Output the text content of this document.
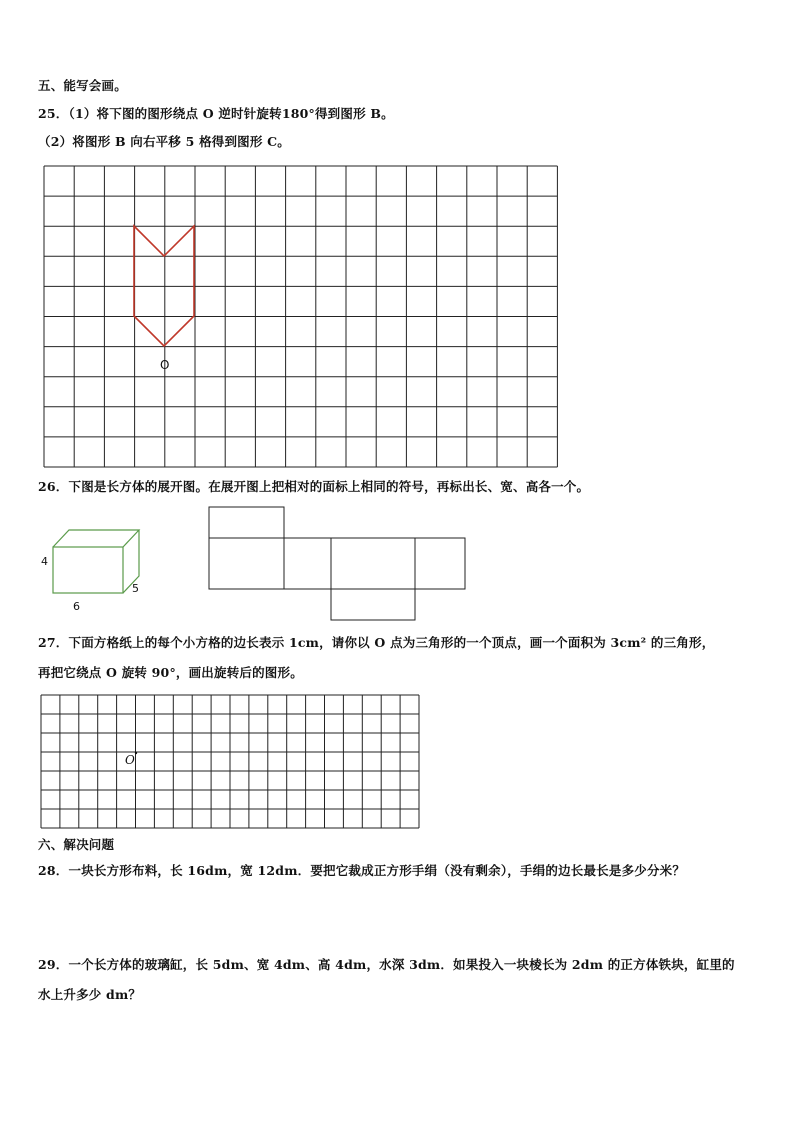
五、能写会画。
25．（1）将下图的图形绕点 O 逆时针旋转180°得到图形 B。
（2）将图形 B 向右平移 5 格得到图形 C。
O
26．下图是长方体的展开图。在展开图上把相对的面标上相同的符号，再标出长、宽、高各一个。
4
5
6
27．下面方格纸上的每个小方格的边长表示 1cm，请你以 O 点为三角形的一个顶点，画一个面积为 3cm² 的三角形，
再把它绕点 O 旋转 90°，画出旋转后的图形。
O
六、解决问题
28．一块长方形布料，长 16dm，宽 12dm．要把它裁成正方形手绢（没有剩余），手绢的边长最长是多少分米？
29．一个长方体的玻璃缸，长 5dm、宽 4dm、高 4dm，水深 3dm．如果投入一块棱长为 2dm 的正方体铁块，缸里的
水上升多少 dm？
